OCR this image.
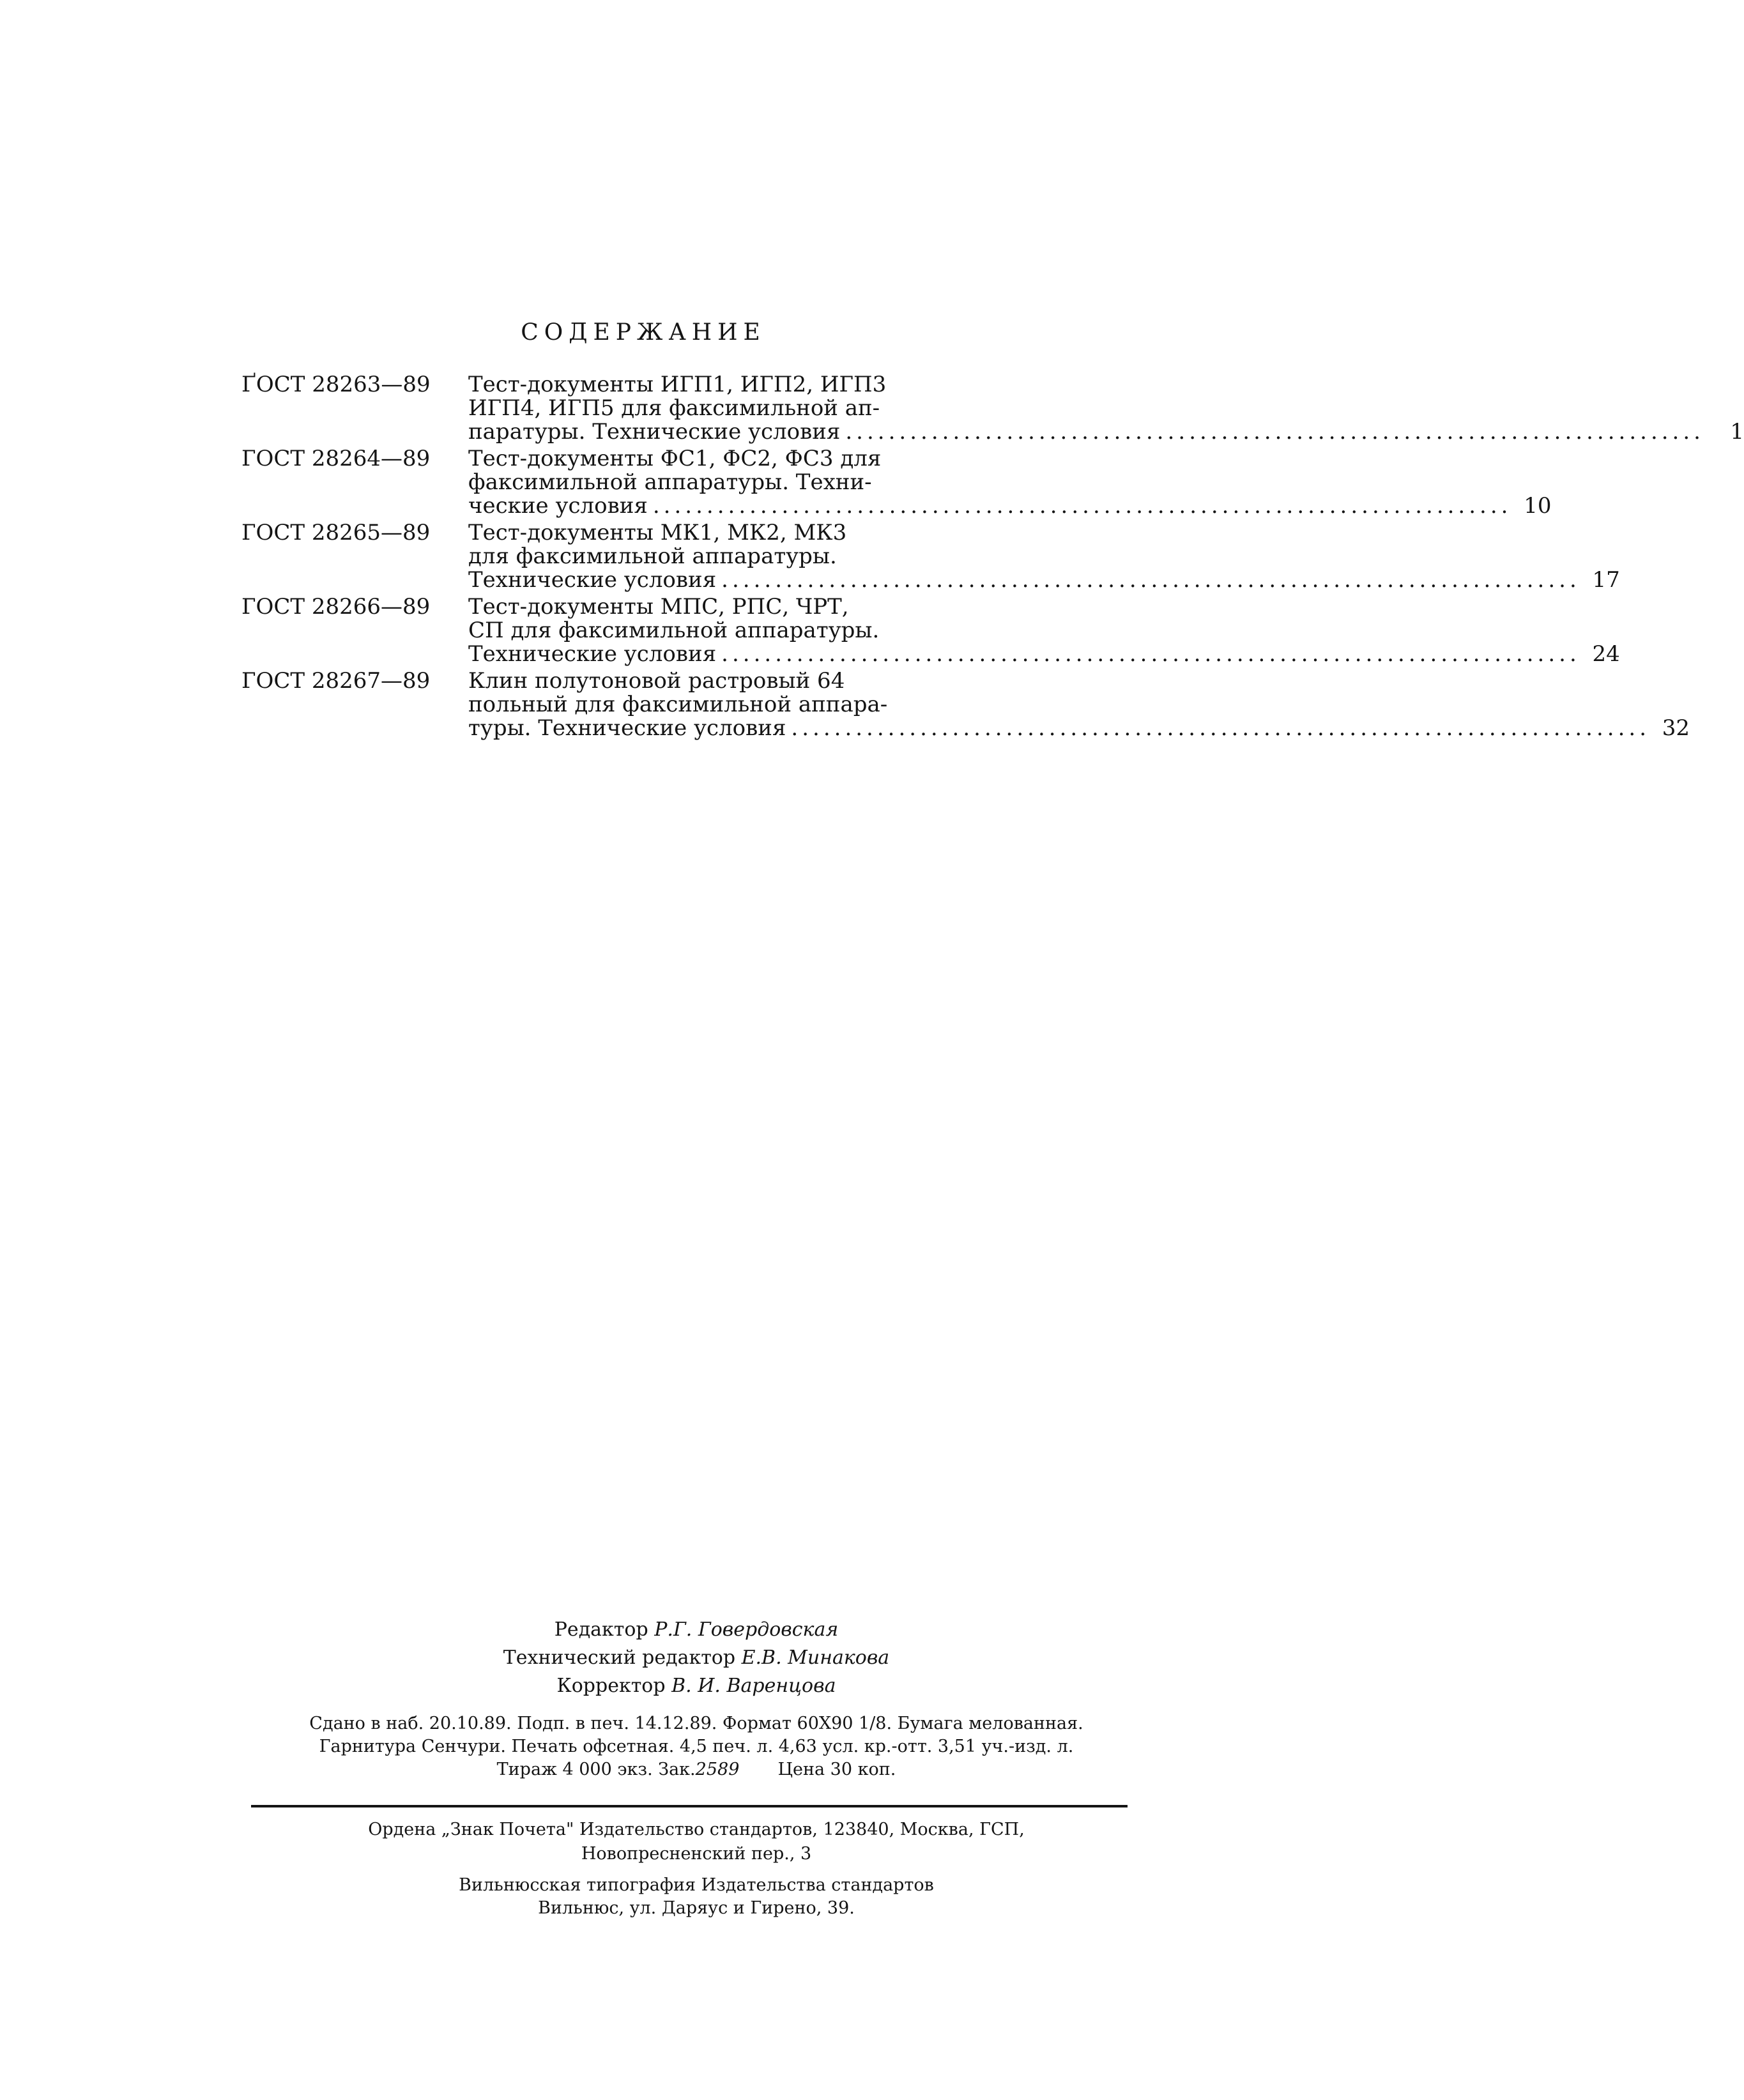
СОДЕРЖАНИЕ
ҐОСТ 28263—89	Тест-документы ИГП1, ИГП2, ИГП3
ИГП4, ИГП5 для факсимильной ап-
паратуры. Технические условия ................................................................................	1
ГОСТ 28264—89	Тест-документы ФС1, ФС2, ФС3 для
факсимильной аппаратуры. Техни-
ческие условия ................................................................................ 10
ГОСТ 28265—89	Тест-документы МК1, МК2, МК3
для факсимильной аппаратуры.
Технические условия ................................................................................ 17
ГОСТ 28266—89	Тест-документы МПС, РПС, ЧРТ,
СП для факсимильной аппаратуры.
Технические условия ................................................................................ 24
ГОСТ 28267—89	Клин полутоновой растровый 64
польный для факсимильной аппара-
туры. Технические условия ................................................................................ 32
Редактор Р.Г. Говердовская
Технический редактор Е.В. Минакова
Корректор В. И. Варенцова
Сдано в наб. 20.10.89. Подп. в печ. 14.12.89. Формат 60Х90 1/8. Бумага мелованная.
Гарнитура Сенчури. Печать офсетная. 4,5 печ. л. 4,63 усл. кр.-отт. 3,51 уч.-изд. л.
Тираж 4 000 экз. Зак.2589 Цена 30 коп.
Ордена „Знак Почета" Издательство стандартов, 123840, Москва, ГСП,
Новопресненский пер., 3
Вильнюсская типография Издательства стандартов
Вильнюс, ул. Даряус и Гирено, 39.
